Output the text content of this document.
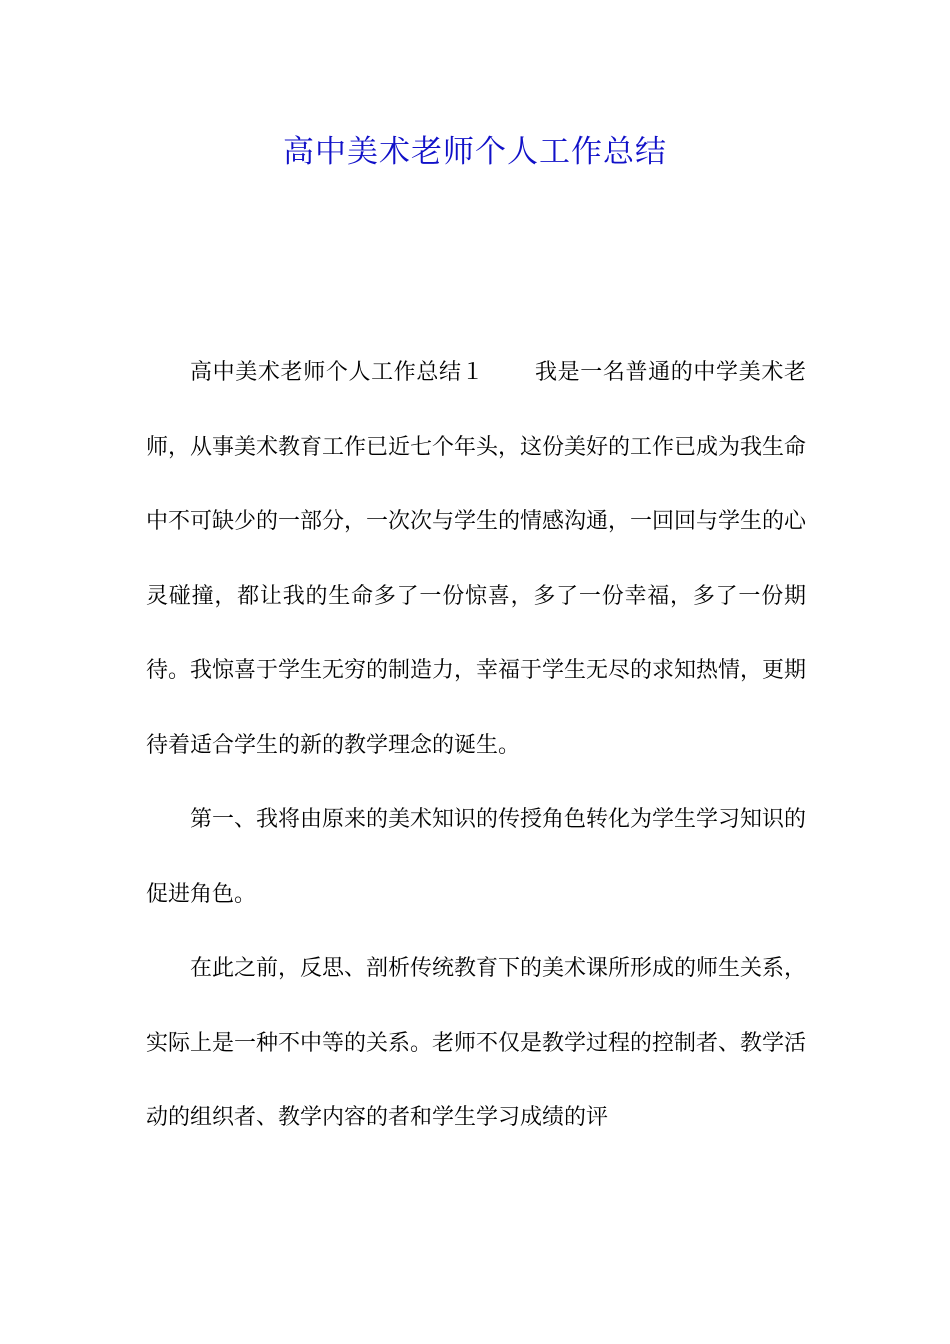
高中美术老师个人工作总结

高中美术老师个人工作总结１ 我是一名普通的中学美术老师，从事美术教育工作已近七个年头，这份美好的工作已成为我生命中不可缺少的一部分，一次次与学生的情感沟通，一回回与学生的心灵碰撞，都让我的生命多了一份惊喜，多了一份幸福，多了一份期待。我惊喜于学生无穷的制造力，幸福于学生无尽的求知热情，更期待着适合学生的新的教学理念的诞生。

第一、我将由原来的美术知识的传授角色转化为学生学习知识的促进角色。

在此之前，反思、剖析传统教育下的美术课所形成的师生关系，实际上是一种不中等的关系。老师不仅是教学过程的控制者、教学活动的组织者、教学内容的者和学生学习成绩的评
